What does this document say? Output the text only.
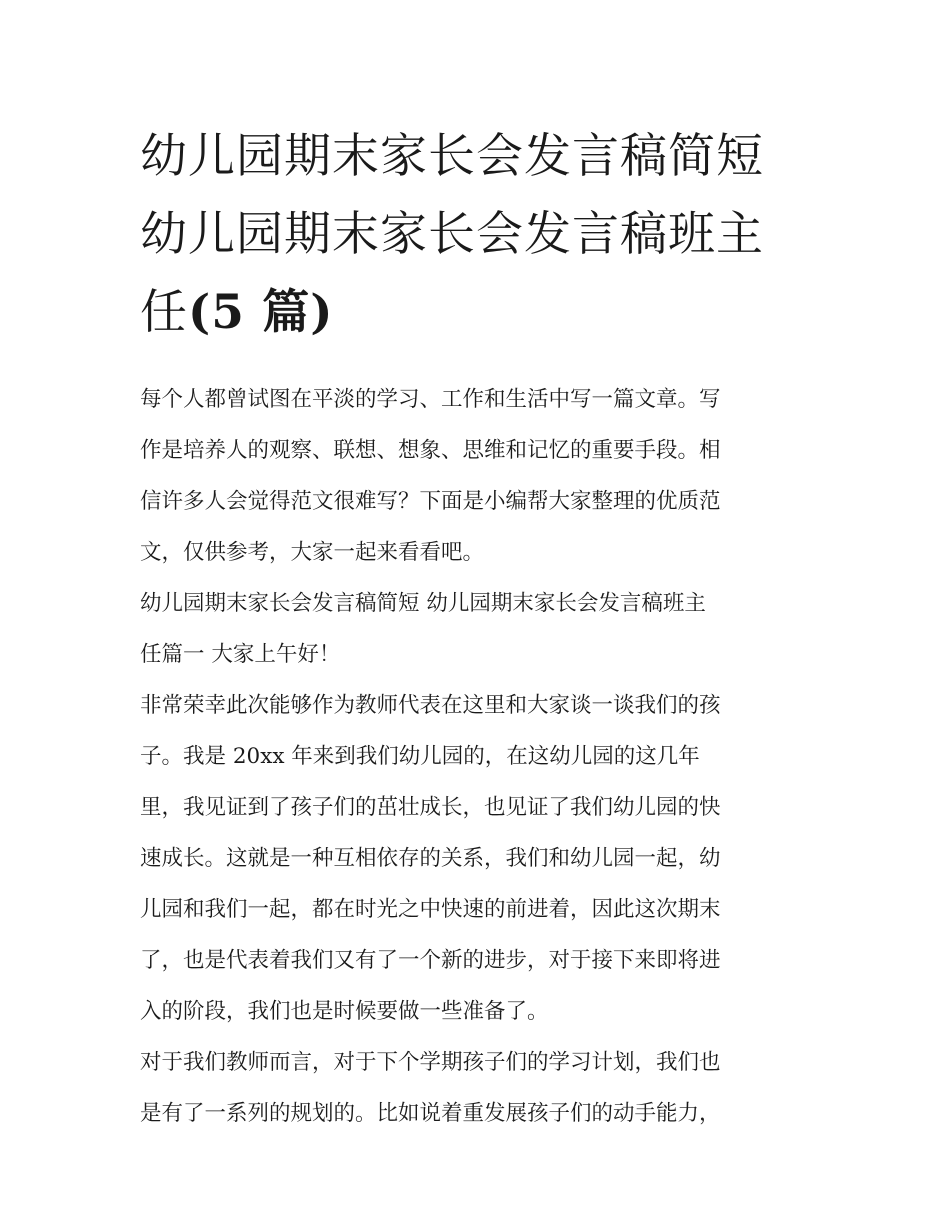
幼儿园期末家长会发言稿简短
幼儿园期末家长会发言稿班主
任(5 篇)

每个人都曾试图在平淡的学习、工作和生活中写一篇文章。写
作是培养人的观察、联想、想象、思维和记忆的重要手段。相
信许多人会觉得范文很难写？下面是小编帮大家整理的优质范
文，仅供参考，大家一起来看看吧。

幼儿园期末家长会发言稿简短 幼儿园期末家长会发言稿班主
任篇一 大家上午好！

非常荣幸此次能够作为教师代表在这里和大家谈一谈我们的孩
子。我是 20xx 年来到我们幼儿园的，在这幼儿园的这几年
里，我见证到了孩子们的茁壮成长，也见证了我们幼儿园的快
速成长。这就是一种互相依存的关系，我们和幼儿园一起，幼
儿园和我们一起，都在时光之中快速的前进着，因此这次期末
了，也是代表着我们又有了一个新的进步，对于接下来即将进
入的阶段，我们也是时候要做一些准备了。

对于我们教师而言，对于下个学期孩子们的学习计划，我们也
是有了一系列的规划的。比如说着重发展孩子们的动手能力，
